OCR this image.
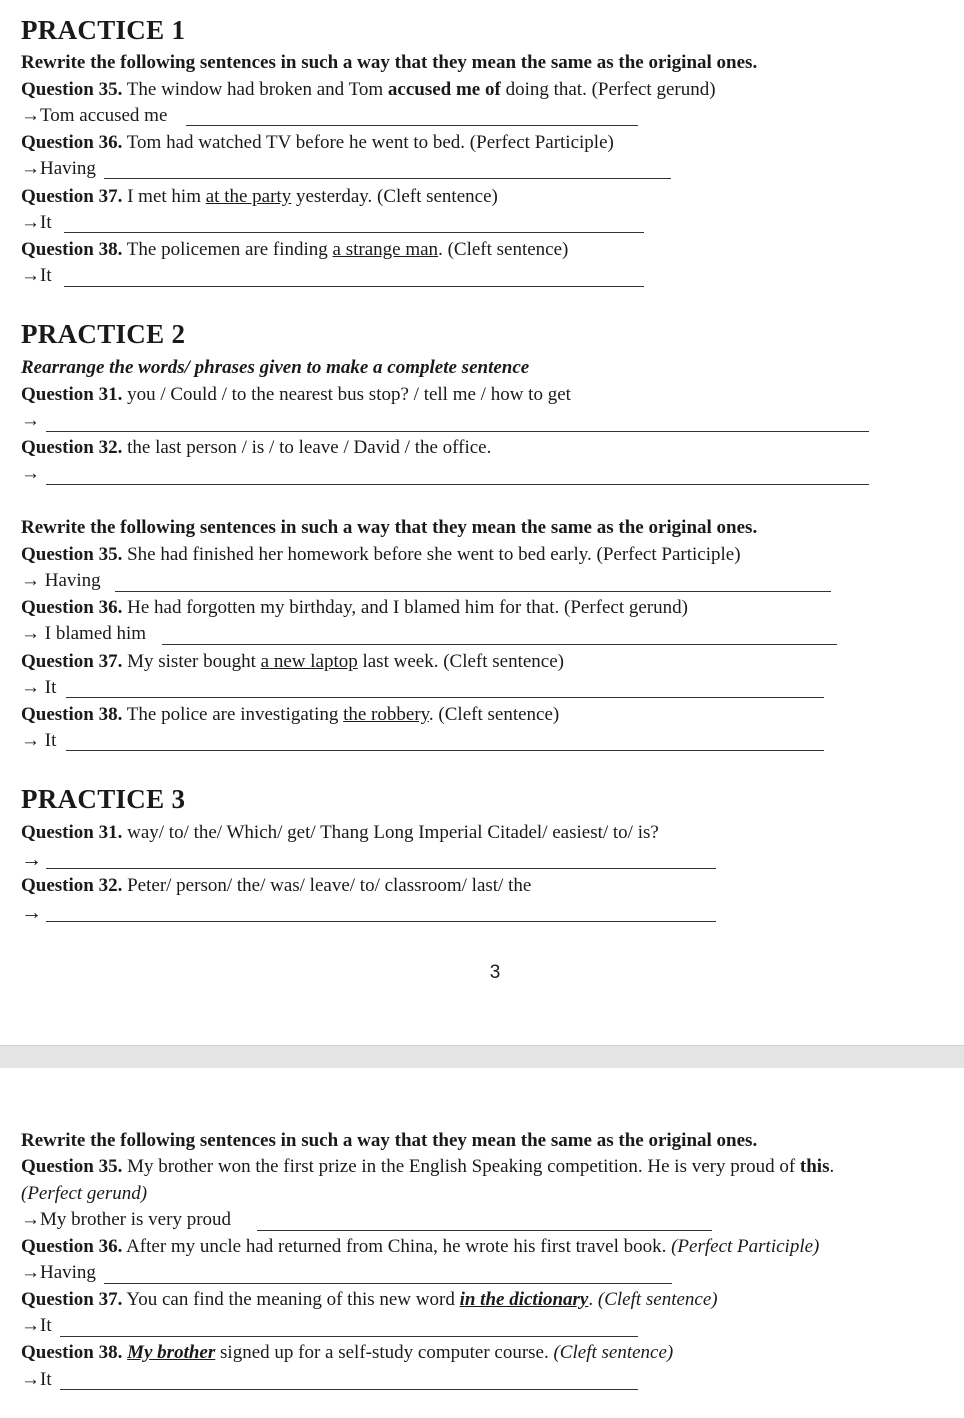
PRACTICE 1
Rewrite the following sentences in such a way that they mean the same as the original ones.
Question 35. The window had broken and Tom accused me of doing that. (Perfect gerund)
→Tom accused me
Question 36. Tom had watched TV before he went to bed. (Perfect Participle)
→Having
Question 37. I met him at the party yesterday. (Cleft sentence)
→It
Question 38. The policemen are finding a strange man. (Cleft sentence)
→It
PRACTICE 2
Rearrange the words/ phrases given to make a complete sentence
Question 31. you / Could / to the nearest bus stop? / tell me / how to get
→
Question 32. the last person / is / to leave / David / the office.
→
Rewrite the following sentences in such a way that they mean the same as the original ones.
Question 35. She had finished her homework before she went to bed early. (Perfect Participle)
→ Having
Question 36. He had forgotten my birthday, and I blamed him for that. (Perfect gerund)
→ I blamed him
Question 37. My sister bought a new laptop last week. (Cleft sentence)
→ It
Question 38. The police are investigating the robbery. (Cleft sentence)
→ It
PRACTICE 3
Question 31. way/ to/ the/ Which/ get/ Thang Long Imperial Citadel/ easiest/ to/ is?
→
Question 32. Peter/ person/ the/ was/ leave/ to/ classroom/ last/ the
→
3
Rewrite the following sentences in such a way that they mean the same as the original ones.
Question 35. My brother won the first prize in the English Speaking competition. He is very proud of this.
(Perfect gerund)
→My brother is very proud
Question 36. After my uncle had returned from China, he wrote his first travel book. (Perfect Participle)
→Having
Question 37. You can find the meaning of this new word in the dictionary. (Cleft sentence)
→It
Question 38. My brother signed up for a self-study computer course. (Cleft sentence)
→It
